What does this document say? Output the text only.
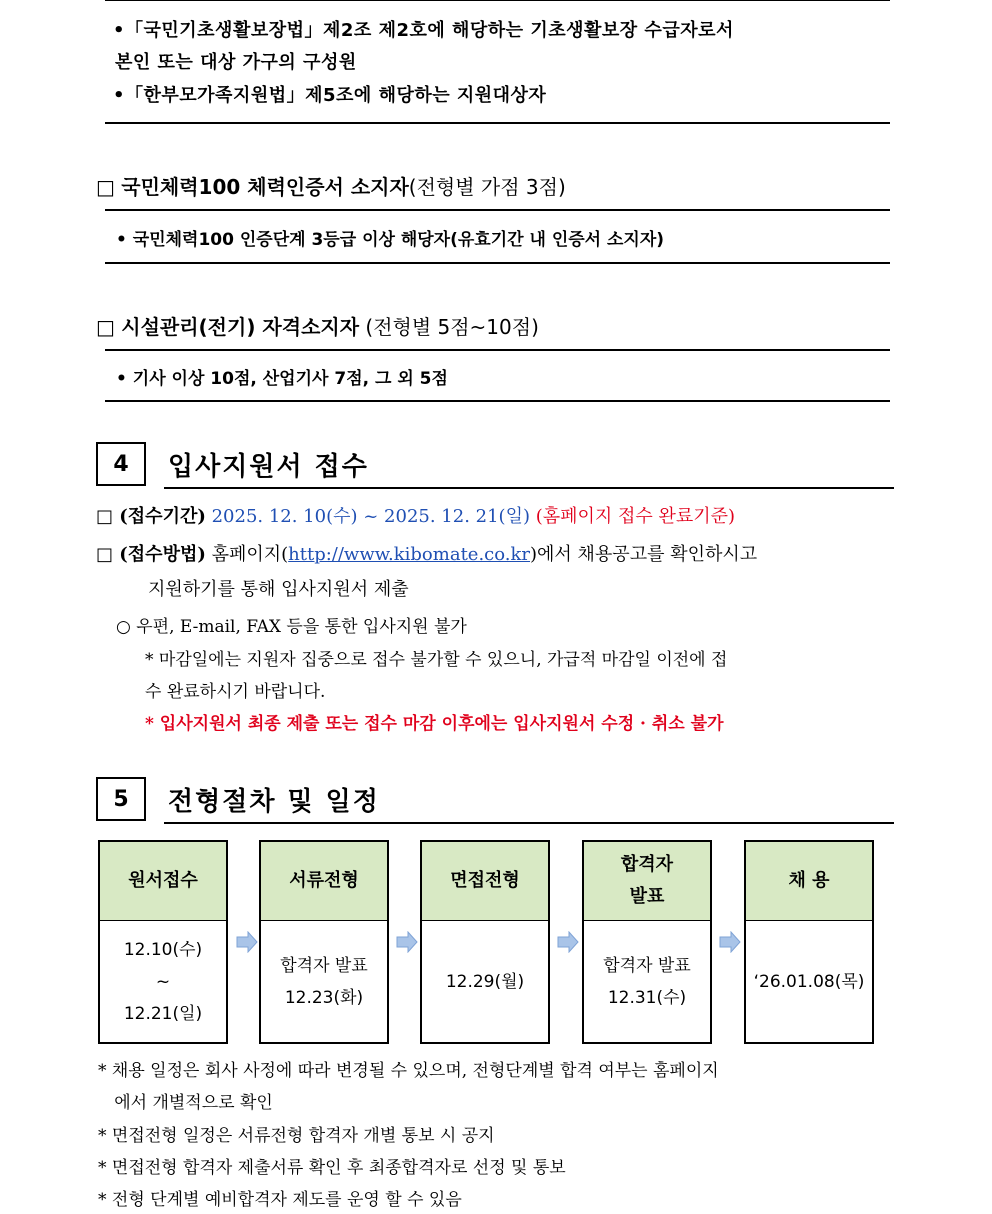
•「국민기초생활보장법」제2조 제2호에 해당하는 기초생활보장 수급자로서
본인 또는 대상 가구의 구성원
•「한부모가족지원법」제5조에 해당하는 지원대상자
□ 국민체력100 체력인증서 소지자(전형별 가점 3점)
• 국민체력100 인증단계 3등급 이상 해당자(유효기간 내 인증서 소지자)
□ 시설관리(전기) 자격소지자 (전형별 5점~10점)
• 기사 이상 10점, 산업기사 7점, 그 외 5점
4	입사지원서 접수
□ (접수기간) 2025. 12. 10(수) ~ 2025. 12. 21(일) (홈페이지 접수 완료기준)
□ (접수방법) 홈페이지(http://www.kibomate.co.kr)에서 채용공고를 확인하시고
지원하기를 통해 입사지원서 제출
○ 우편, E-mail, FAX 등을 통한 입사지원 불가
* 마감일에는 지원자 집중으로 접수 불가할 수 있으니, 가급적 마감일 이전에 접
수 완료하시기 바랍니다.
* 입사지원서 최종 제출 또는 접수 마감 이후에는 입사지원서 수정 · 취소 불가
5	전형절차 및 일정
원서접수
12.10(수)
~
12.21(일)
서류전형
합격자 발표
12.23(화)
면접전형
12.29(월)
합격자
발표
합격자 발표
12.31(수)
채 용
‘26.01.08(목)
* 채용 일정은 회사 사정에 따라 변경될 수 있으며, 전형단계별 합격 여부는 홈페이지
에서 개별적으로 확인
* 면접전형 일정은 서류전형 합격자 개별 통보 시 공지
* 면접전형 합격자 제출서류 확인 후 최종합격자로 선정 및 통보
* 전형 단계별 예비합격자 제도를 운영 할 수 있음
